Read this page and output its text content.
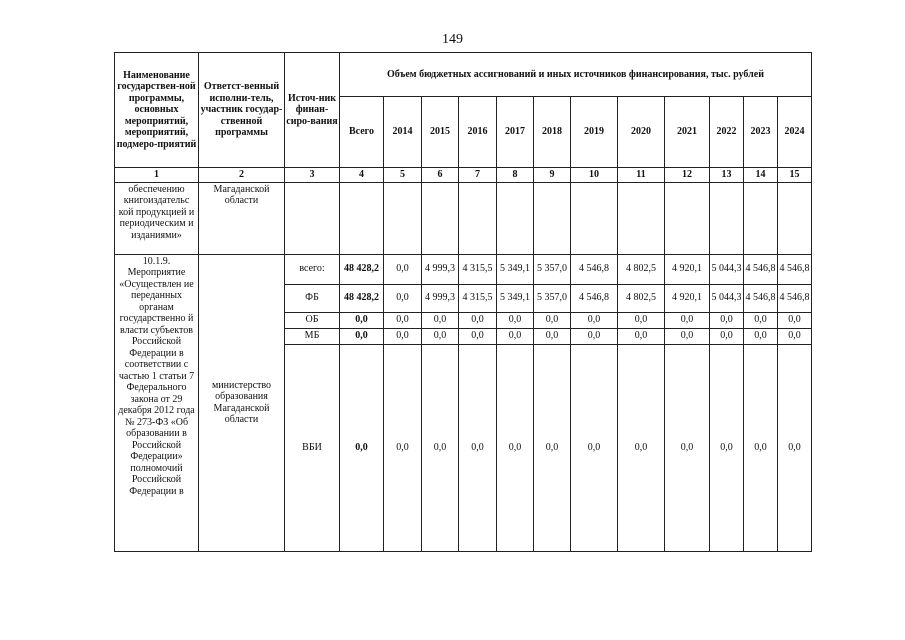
149
Наименование государствен-ной программы, основных мероприятий, мероприятий, подмеро-приятий	Ответст-венный исполни-тель, участник государ-ственной программы	Источ-ник финан-сиро-вания	Объем бюджетных ассигнований и иных источников финансирования, тыс. рублей											
			Всего	2014	2015	2016	2017	2018	2019	2020	2021	2022	2023	2024
1	2	3	4	5	6	7	8	9	10	11	12	13	14	15
обеспечению книгоиздательс кой продукцией и периодическим и изданиями»	Магаданской области													
10.1.9. Мероприятие «Осуществлен ие переданных органам государственно й власти субъектов Российской Федерации в соответствии с частью 1 статьи 7 Федерального закона от 29 декабря 2012 года № 273-ФЗ «Об образовании в Российской Федерации» полномочий Российской Федерации в	министерство образования Магаданской области	всего:	48 428,2	0,0	4 999,3	4 315,5	5 349,1	5 357,0	4 546,8	4 802,5	4 920,1	5 044,3	4 546,8	4 546,8
		ФБ	48 428,2	0,0	4 999,3	4 315,5	5 349,1	5 357,0	4 546,8	4 802,5	4 920,1	5 044,3	4 546,8	4 546,8
		ОБ	0,0	0,0	0,0	0,0	0,0	0,0	0,0	0,0	0,0	0,0	0,0	0,0
		МБ	0,0	0,0	0,0	0,0	0,0	0,0	0,0	0,0	0,0	0,0	0,0	0,0
		ВБИ	0,0	0,0	0,0	0,0	0,0	0,0	0,0	0,0	0,0	0,0	0,0	0,0
